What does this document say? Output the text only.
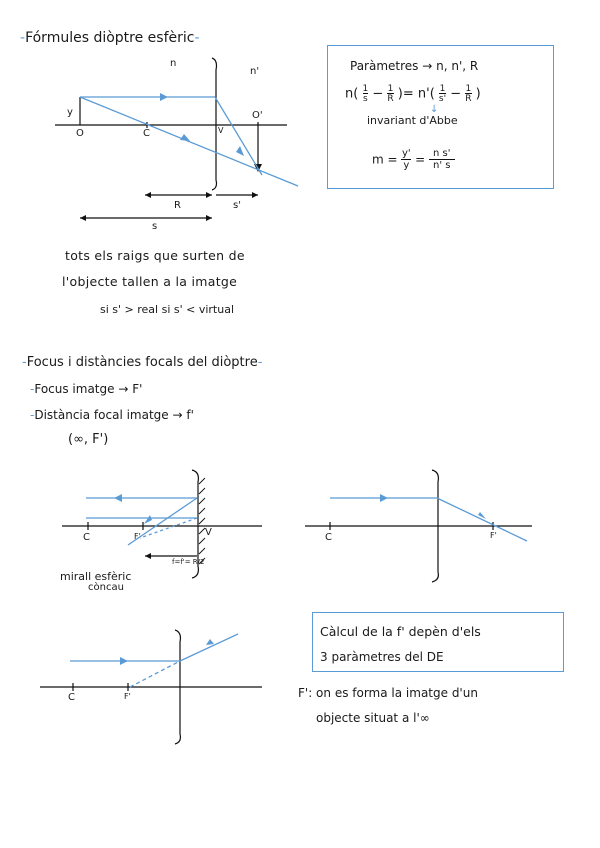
-Fórmules diòptre esfèric-
n
n'
y
O	C	V
O'
R	s'
s
Paràmetres → n, n', R
$n( \frac{1}{s} - \frac{1}{R}$ )= $n'( \frac{1}{s'} - \frac{1}{R}$ )
↓
invariant d'Abbe
$m = \frac{y'}{y} = \frac{\text{n s'}}{n' s}$
tots els raigs que surten de
l'objecte tallen a la imatge
si s' > real si s' < virtual
-Focus i distàncies focals del diòptre-
-Focus imatge → F'
-Distància focal imatge → f'
(∞, F')
C	F'	V
f=f'= R/2
mirall esfèric
còncau
C	F'
C	F'
Càlcul de la f' depèn d'els
3 paràmetres del DE
F': on es forma la imatge d'un
objecte situat a l'∞
